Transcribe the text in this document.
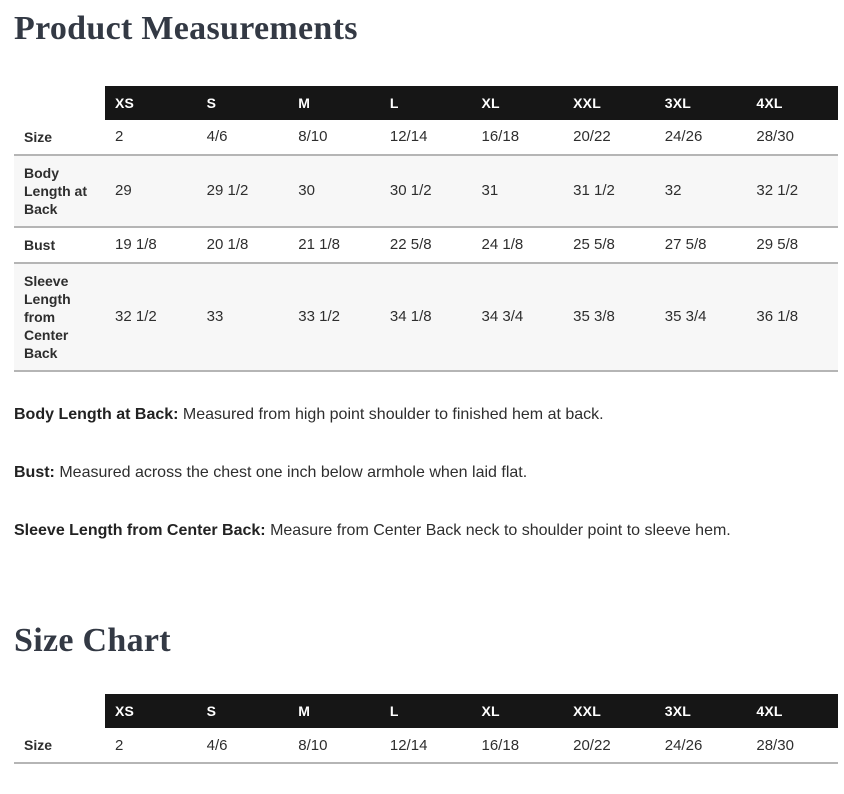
Product Measurements
	XS	S	M	L	XL	XXL	3XL	4XL
Size	2	4/6	8/10	12/14	16/18	20/22	24/26	28/30
Body Length at Back	29	29 1/2	30	30 1/2	31	31 1/2	32	32 1/2
Bust	19 1/8	20 1/8	21 1/8	22 5/8	24 1/8	25 5/8	27 5/8	29 5/8
Sleeve Length from Center Back	32 1/2	33	33 1/2	34 1/8	34 3/4	35 3/8	35 3/4	36 1/8

Body Length at Back: Measured from high point shoulder to finished hem at back.

Bust: Measured across the chest one inch below armhole when laid flat.

Sleeve Length from Center Back: Measure from Center Back neck to shoulder point to sleeve hem.

Size Chart
	XS	S	M	L	XL	XXL	3XL	4XL
Size	2	4/6	8/10	12/14	16/18	20/22	24/26	28/30
